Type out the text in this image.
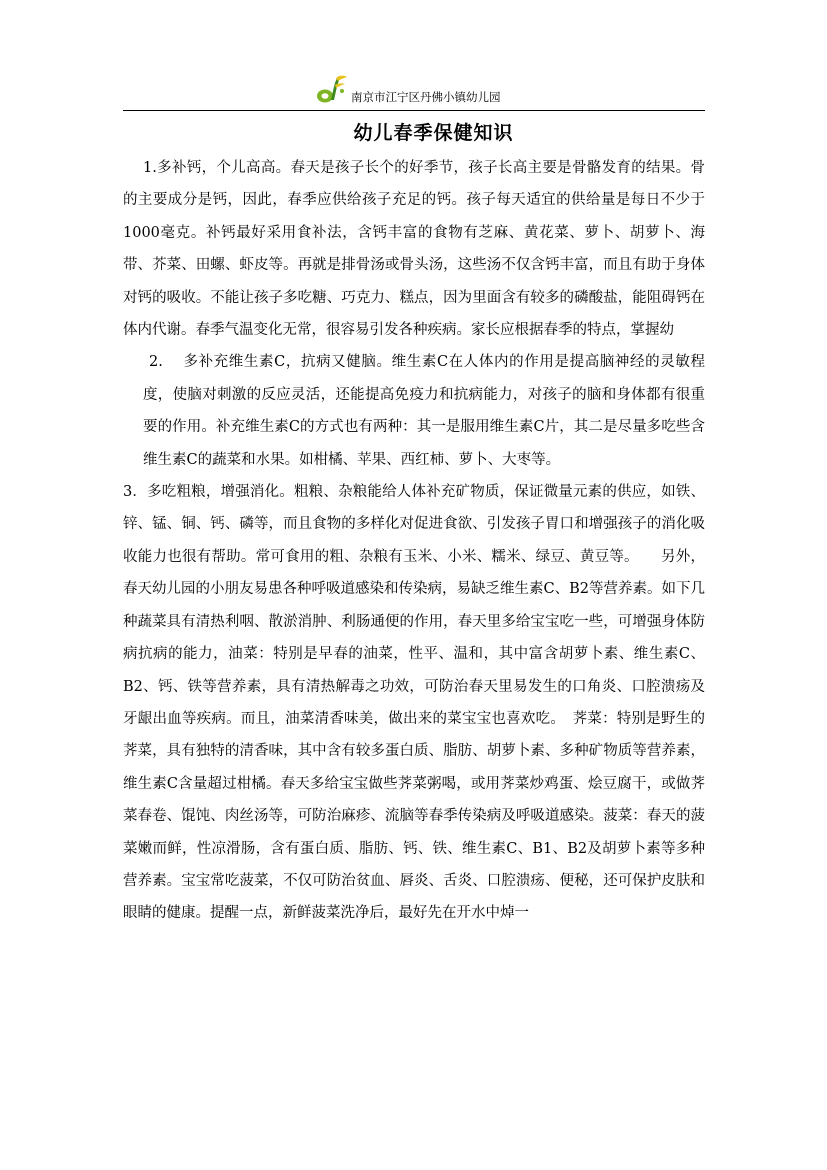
南京市江宁区丹佛小镇幼儿园
幼儿春季保健知识

1.多补钙，个儿高高。春天是孩子长个的好季节，孩子长高主要是骨骼发育的结果。骨的主要成分是钙，因此，春季应供给孩子充足的钙。孩子每天适宜的供给量是每日不少于1000毫克。补钙最好采用食补法，含钙丰富的食物有芝麻、黄花菜、萝卜、胡萝卜、海带、芥菜、田螺、虾皮等。再就是排骨汤或骨头汤，这些汤不仅含钙丰富，而且有助于身体对钙的吸收。不能让孩子多吃糖、巧克力、糕点，因为里面含有较多的磷酸盐，能阻碍钙在体内代谢。春季气温变化无常，很容易引发各种疾病。家长应根据春季的特点，掌握幼

2. 多补充维生素C，抗病又健脑。维生素C在人体内的作用是提高脑神经的灵敏程度，使脑对刺激的反应灵活，还能提高免疫力和抗病能力，对孩子的脑和身体都有很重要的作用。补充维生素C的方式也有两种：其一是服用维生素C片，其二是尽量多吃些含维生素C的蔬菜和水果。如柑橘、苹果、西红柿、萝卜、大枣等。

3．多吃粗粮，增强消化。粗粮、杂粮能给人体补充矿物质，保证微量元素的供应，如铁、锌、锰、铜、钙、磷等，而且食物的多样化对促进食欲、引发孩子胃口和增强孩子的消化吸收能力也很有帮助。常可食用的粗、杂粮有玉米、小米、糯米、绿豆、黄豆等。　　另外，春天幼儿园的小朋友易患各种呼吸道感染和传染病，易缺乏维生素C、B2等营养素。如下几种蔬菜具有清热利咽、散淤消肿、利肠通便的作用，春天里多给宝宝吃一些，可增强身体防病抗病的能力，油菜：特别是早春的油菜，性平、温和，其中富含胡萝卜素、维生素C、B2、钙、铁等营养素，具有清热解毒之功效，可防治春天里易发生的口角炎、口腔溃疡及牙龈出血等疾病。而且，油菜清香味美，做出来的菜宝宝也喜欢吃。　荠菜：特别是野生的荠菜，具有独特的清香味，其中含有较多蛋白质、脂肪、胡萝卜素、多种矿物质等营养素，维生素C含量超过柑橘。春天多给宝宝做些荠菜粥喝，或用荠菜炒鸡蛋、烩豆腐干，或做荠菜春卷、馄饨、肉丝汤等，可防治麻疹、流脑等春季传染病及呼吸道感染。菠菜：春天的菠菜嫩而鲜，性凉滑肠，含有蛋白质、脂肪、钙、铁、维生素C、B1、B2及胡萝卜素等多种营养素。宝宝常吃菠菜，不仅可防治贫血、唇炎、舌炎、口腔溃疡、便秘，还可保护皮肤和眼睛的健康。提醒一点，新鲜菠菜洗净后，最好先在开水中焯一
